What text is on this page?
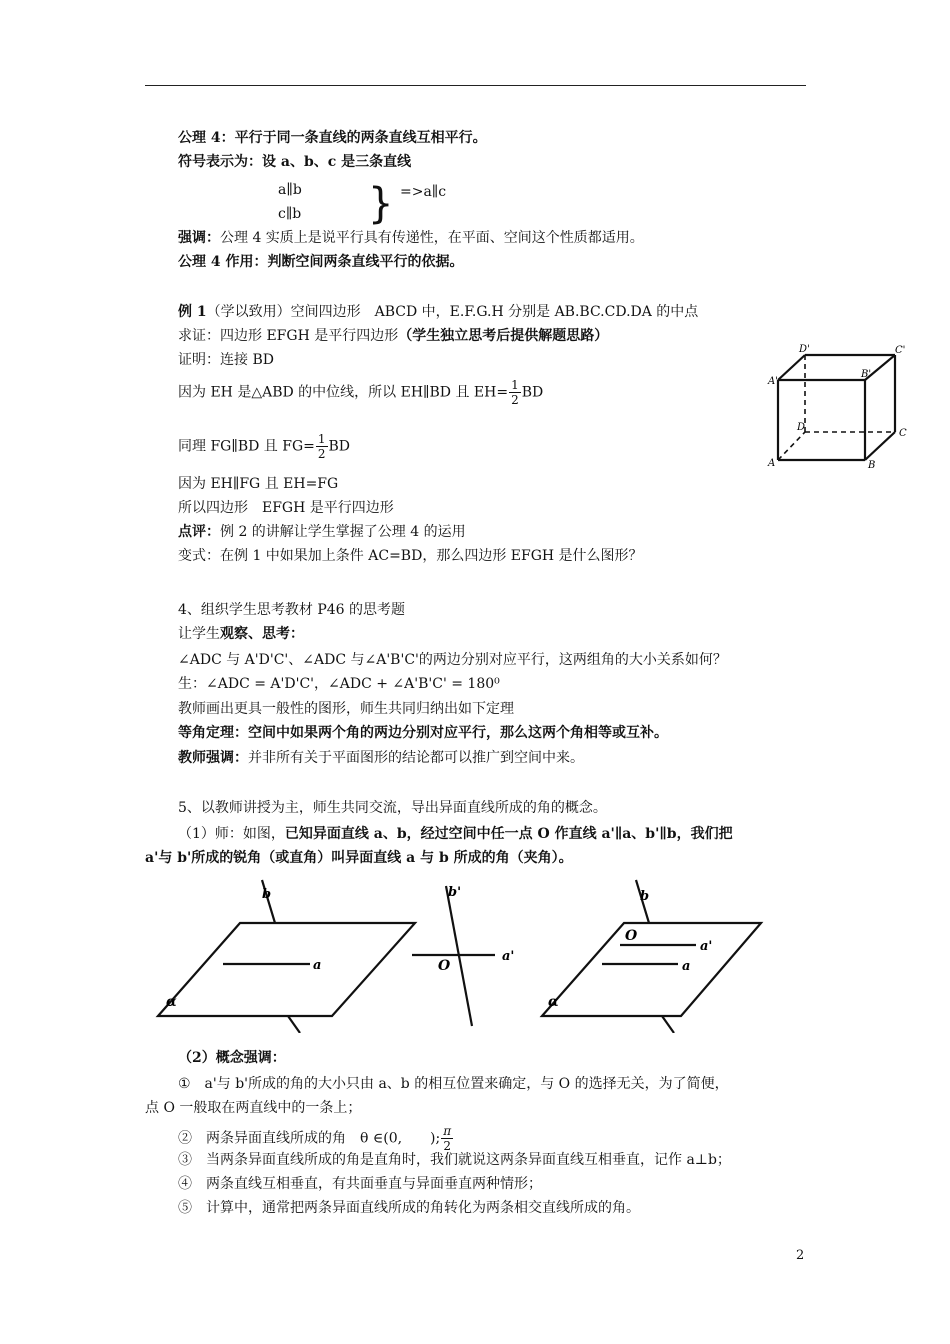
公理 4：平行于同一条直线的两条直线互相平行。
符号表示为：设 a、b、c 是三条直线
a∥b
c∥b } =>a∥c
强调：公理 4 实质上是说平行具有传递性，在平面、空间这个性质都适用。
公理 4 作用：判断空间两条直线平行的依据。
例 1（学以致用）空间四边形　ABCD 中，E.F.G.H 分别是 AB.BC.CD.DA 的中点
求证：四边形 EFGH 是平行四边形（学生独立思考后提供解题思路）
证明：连接 BD
因为 EH 是△ABD 的中位线，所以 EH∥BD 且 $EH= \frac{1}{2}$ BD
同理 FG∥BD 且 $FG= \frac{1}{2}$ BD
因为 EH∥FG 且 EH=FG
所以四边形　EFGH 是平行四边形
点评：例 2 的讲解让学生掌握了公理 4 的运用
变式：在例 1 中如果加上条件 AC=BD，那么四边形 EFGH 是什么图形？
D'	C'
A'
B'
D
C
A	B
4、组织学生思考教材 P46 的思考题
让学生观察、思考：
∠ADC 与 A'D'C'、∠ADC 与∠A'B'C'的两边分别对应平行，这两组角的大小关系如何？
生：∠ADC = A'D'C'，∠ADC + ∠A'B'C' = 180⁰
教师画出更具一般性的图形，师生共同归纳出如下定理
等角定理：空间中如果两个角的两边分别对应平行，那么这两个角相等或互补。
教师强调：并非所有关于平面图形的结论都可以推广到空间中来。
5、以教师讲授为主，师生共同交流，导出异面直线所成的角的概念。
（1）师：如图，已知异面直线 a、b，经过空间中任一点 O 作直线 a'∥a、b'∥b，我们把
a'与 b'所成的锐角（或直角）叫异面直线 a 与 b 所成的角（夹角）。
α
b
a
b'
a'
O
α
b
O
a'
a
（2）概念强调：
①　a'与 b'所成的角的大小只由 a、b 的相互位置来确定，与 O 的选择无关，为了简便，
点 O 一般取在两直线中的一条上；
②　两条异面直线所成的角　θ ∈(0,　　); $\frac{\pi}{2}$
③　当两条异面直线所成的角是直角时，我们就说这两条异面直线互相垂直，记作 a⊥b；
④　两条直线互相垂直，有共面垂直与异面垂直两种情形；
⑤　计算中，通常把两条异面直线所成的角转化为两条相交直线所成的角。
2
